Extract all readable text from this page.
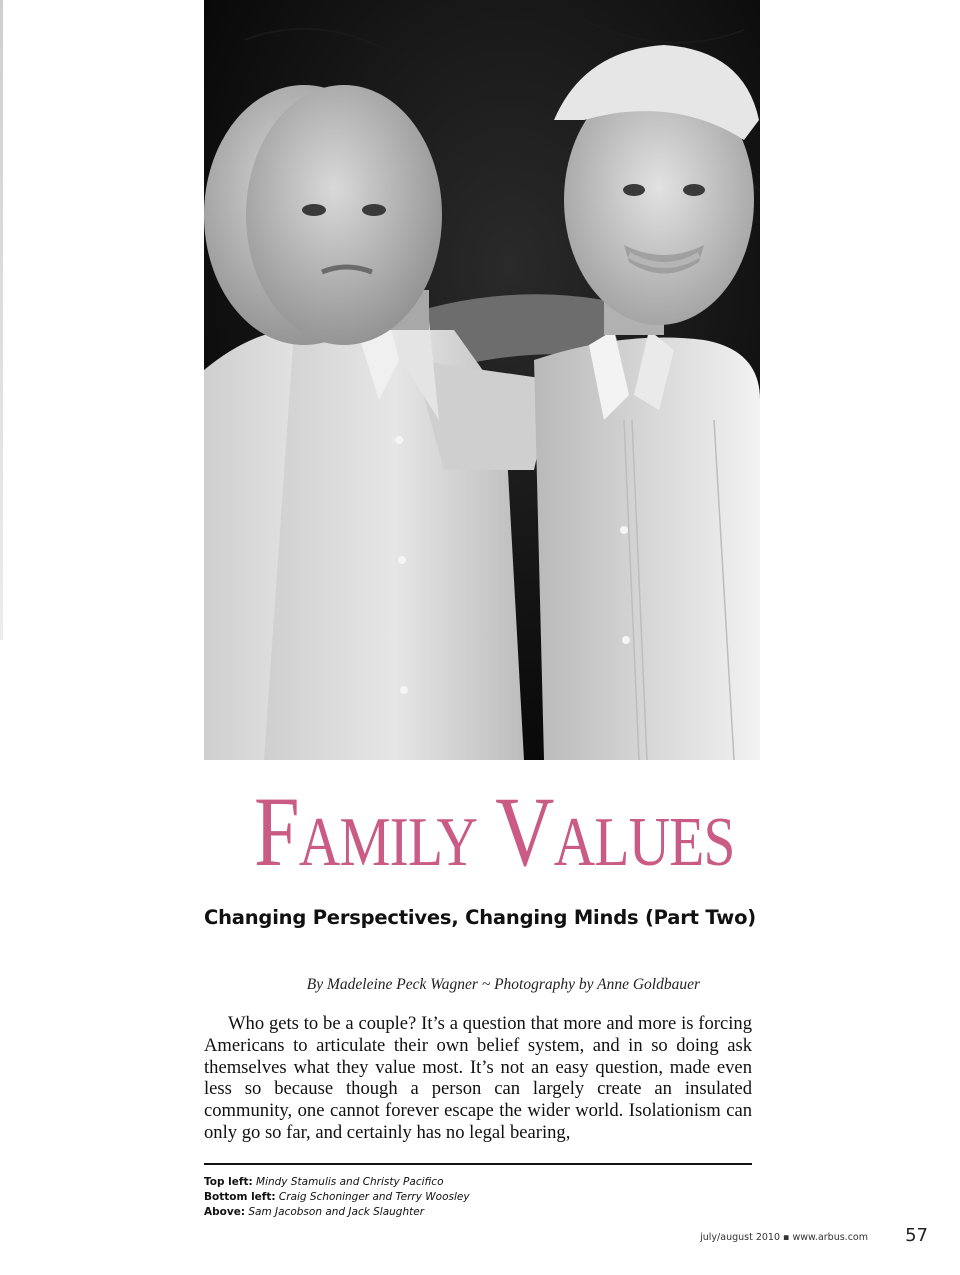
Family Values
Changing Perspectives, Changing Minds (Part Two)
By Madeleine Peck Wagner ~ Photography by Anne Goldbauer

Who gets to be a couple? It’s a question that more and more is forcing Americans to articulate their own belief system, and in so doing ask themselves what they value most. It’s not an easy question, made even less so because though a person can largely create an insulated community, one cannot forever escape the wider world. Isolationism can only go so far, and certainly has no legal bearing,

Top left: Mindy Stamulis and Christy Pacifico
Bottom left: Craig Schoninger and Terry Woosley
Above: Sam Jacobson and Jack Slaughter
july/august 2010 ▪ www.arbus.com 57
